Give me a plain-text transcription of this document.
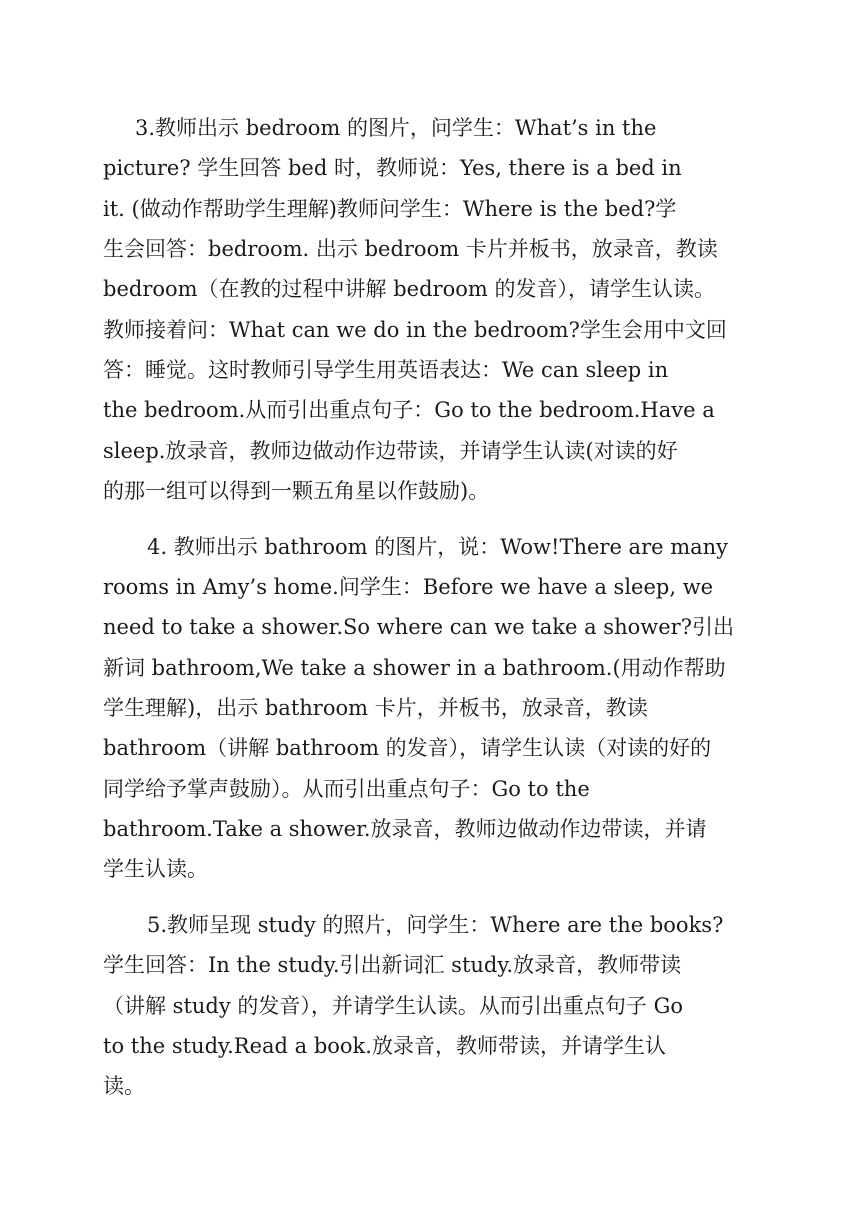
3.教师出示 bedroom 的图片，问学生：What’s in the
picture? 学生回答 bed 时，教师说：Yes, there is a bed in
it. (做动作帮助学生理解)教师问学生：Where is the bed?学
生会回答：bedroom. 出示 bedroom 卡片并板书，放录音，教读
bedroom（在教的过程中讲解 bedroom 的发音），请学生认读。
教师接着问：What can we do in the bedroom?学生会用中文回
答：睡觉。这时教师引导学生用英语表达：We can sleep in
the bedroom.从而引出重点句子：Go to the bedroom.Have a
sleep.放录音，教师边做动作边带读，并请学生认读(对读的好
的那一组可以得到一颗五角星以作鼓励)。
4. 教师出示 bathroom 的图片，说：Wow!There are many
rooms in Amy’s home.问学生：Before we have a sleep, we
need to take a shower.So where can we take a shower?引出
新词 bathroom,We take a shower in a bathroom.(用动作帮助
学生理解)，出示 bathroom 卡片，并板书，放录音，教读
bathroom（讲解 bathroom 的发音），请学生认读（对读的好的
同学给予掌声鼓励）。从而引出重点句子：Go to the
bathroom.Take a shower.放录音，教师边做动作边带读，并请
学生认读。
5.教师呈现 study 的照片，问学生：Where are the books?
学生回答：In the study.引出新词汇 study.放录音，教师带读
（讲解 study 的发音），并请学生认读。从而引出重点句子 Go
to the study.Read a book.放录音，教师带读，并请学生认
读。
